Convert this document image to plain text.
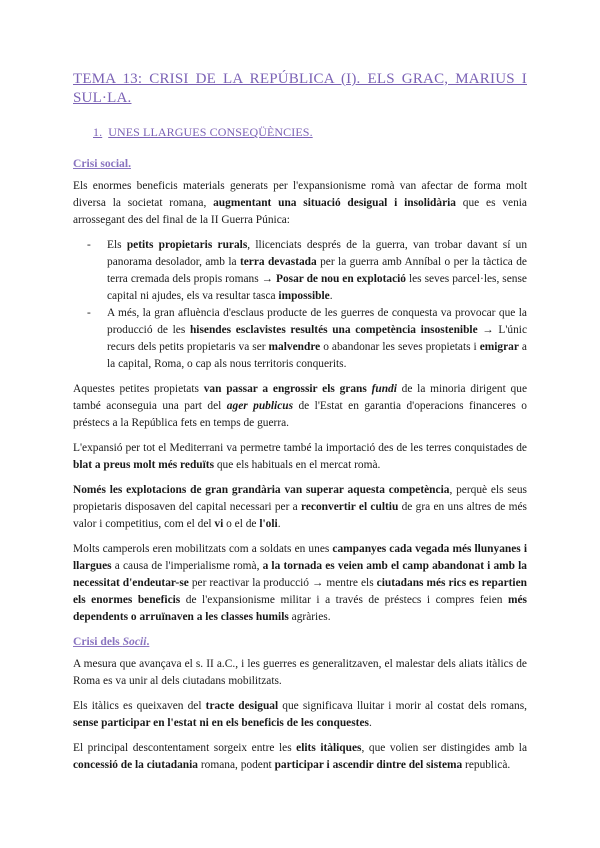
TEMA 13: CRISI DE LA REPÚBLICA (I). ELS GRAC, MARIUS I SUL·LA.
1. UNES LLARGUES CONSEQÜÈNCIES.
Crisi social.

Els enormes beneficis materials generats per l'expansionisme romà van afectar de forma molt diversa la societat romana, augmentant una situació desigual i insolidària que es venia arrossegant des del final de la II Guerra Púnica:

- Els petits propietaris rurals, llicenciats després de la guerra, van trobar davant sí un panorama desolador, amb la terra devastada per la guerra amb Anníbal o per la tàctica de terra cremada dels propis romans → Posar de nou en explotació les seves parcel·les, sense capital ni ajudes, els va resultar tasca impossible.
- A més, la gran afluència d'esclaus producte de les guerres de conquesta va provocar que la producció de les hisendes esclavistes resultés una competència insostenible → L'únic recurs dels petits propietaris va ser malvendre o abandonar les seves propietats i emigrar a la capital, Roma, o cap als nous territoris conquerits.

Aquestes petites propietats van passar a engrossir els grans fundi de la minoria dirigent que també aconseguia una part del ager publicus de l'Estat en garantia d'operacions financeres o préstecs a la República fets en temps de guerra.

L'expansió per tot el Mediterrani va permetre també la importació des de les terres conquistades de blat a preus molt més reduïts que els habituals en el mercat romà.

Només les explotacions de gran grandària van superar aquesta competència, perquè els seus propietaris disposaven del capital necessari per a reconvertir el cultiu de gra en uns altres de més valor i competitius, com el del vi o el de l'oli.

Molts camperols eren mobilitzats com a soldats en unes campanyes cada vegada més llunyanes i llargues a causa de l'imperialisme romà, a la tornada es veien amb el camp abandonat i amb la necessitat d'endeutar-se per reactivar la producció → mentre els ciutadans més rics es repartien els enormes beneficis de l'expansionisme militar i a través de préstecs i compres feien més dependents o arruïnaven a les classes humils agràries.

Crisi dels Socii.

A mesura que avançava el s. II a.C., i les guerres es generalitzaven, el malestar dels aliats itàlics de Roma es va unir al dels ciutadans mobilitzats.

Els itàlics es queixaven del tracte desigual que significava lluitar i morir al costat dels romans, sense participar en l'estat ni en els beneficis de les conquestes.

El principal descontentament sorgeix entre les elits itàliques, que volien ser distingides amb la concessió de la ciutadania romana, podent participar i ascendir dintre del sistema republicà.
